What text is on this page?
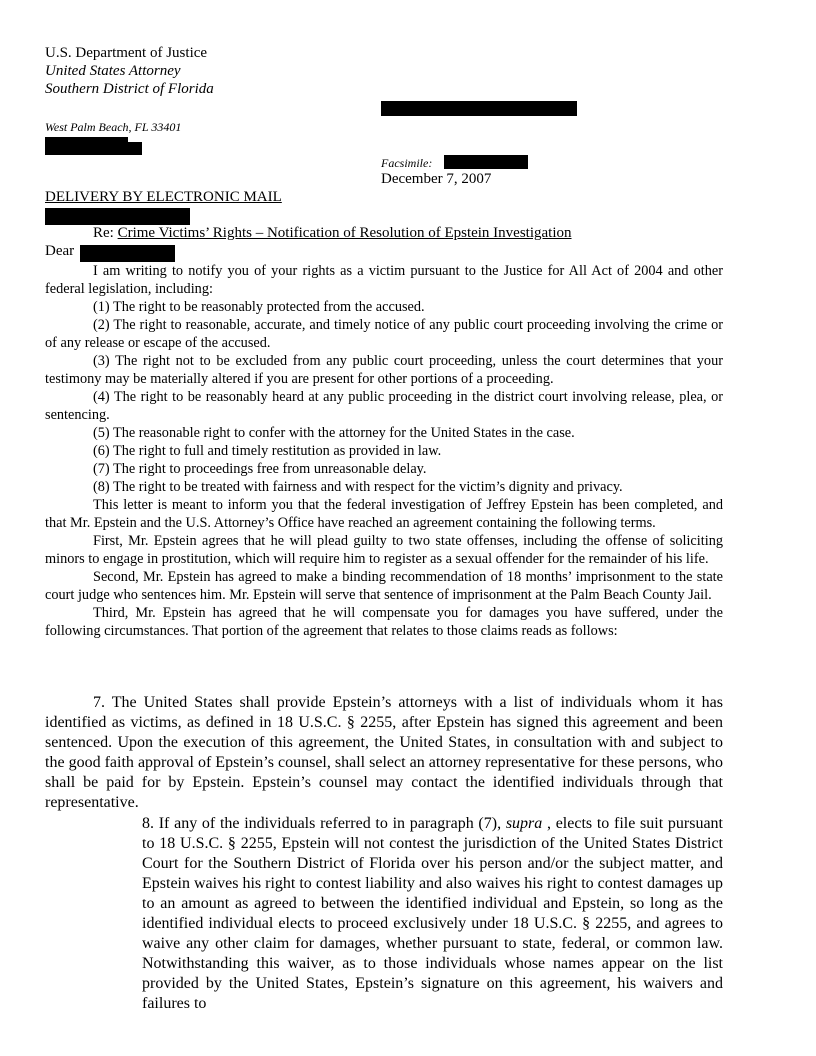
U.S. Department of Justice
United States Attorney
Southern District of Florida
West Palm Beach, FL 33401
Facsimile:
December 7, 2007
DELIVERY BY ELECTRONIC MAIL
Re: Crime Victims’ Rights – Notification of Resolution of Epstein Investigation
Dear

I am writing to notify you of your rights as a victim pursuant to the Justice for All Act of 2004 and other federal legislation, including:

(1) The right to be reasonably protected from the accused.

(2) The right to reasonable, accurate, and timely notice of any public court proceeding involving the crime or of any release or escape of the accused.

(3) The right not to be excluded from any public court proceeding, unless the court determines that your testimony may be materially altered if you are present for other portions of a proceeding.

(4) The right to be reasonably heard at any public proceeding in the district court involving release, plea, or sentencing.

(5) The reasonable right to confer with the attorney for the United States in the case.

(6) The right to full and timely restitution as provided in law.

(7) The right to proceedings free from unreasonable delay.

(8) The right to be treated with fairness and with respect for the victim’s dignity and privacy.

This letter is meant to inform you that the federal investigation of Jeffrey Epstein has been completed, and that Mr. Epstein and the U.S. Attorney’s Office have reached an agreement containing the following terms.

First, Mr. Epstein agrees that he will plead guilty to two state offenses, including the offense of soliciting minors to engage in prostitution, which will require him to register as a sexual offender for the remainder of his life.

Second, Mr. Epstein has agreed to make a binding recommendation of 18 months’ imprisonment to the state court judge who sentences him. Mr. Epstein will serve that sentence of imprisonment at the Palm Beach County Jail.

Third, Mr. Epstein has agreed that he will compensate you for damages you have suffered, under the following circumstances. That portion of the agreement that relates to those claims reads as follows:

7. The United States shall provide Epstein’s attorneys with a list of individuals whom it has identified as victims, as defined in 18 U.S.C. § 2255, after Epstein has signed this agreement and been sentenced. Upon the execution of this agreement, the United States, in consultation with and subject to the good faith approval of Epstein’s counsel, shall select an attorney representative for these persons, who shall be paid for by Epstein. Epstein’s counsel may contact the identified individuals through that representative.

8. If any of the individuals referred to in paragraph (7), supra , elects to file suit pursuant to 18 U.S.C. § 2255, Epstein will not contest the jurisdiction of the United States District Court for the Southern District of Florida over his person and/or the subject matter, and Epstein waives his right to contest liability and also waives his right to contest damages up to an amount as agreed to between the identified individual and Epstein, so long as the identified individual elects to proceed exclusively under 18 U.S.C. § 2255, and agrees to waive any other claim for damages, whether pursuant to state, federal, or common law. Notwithstanding this waiver, as to those individuals whose names appear on the list provided by the United States, Epstein’s signature on this agreement, his waivers and failures to
